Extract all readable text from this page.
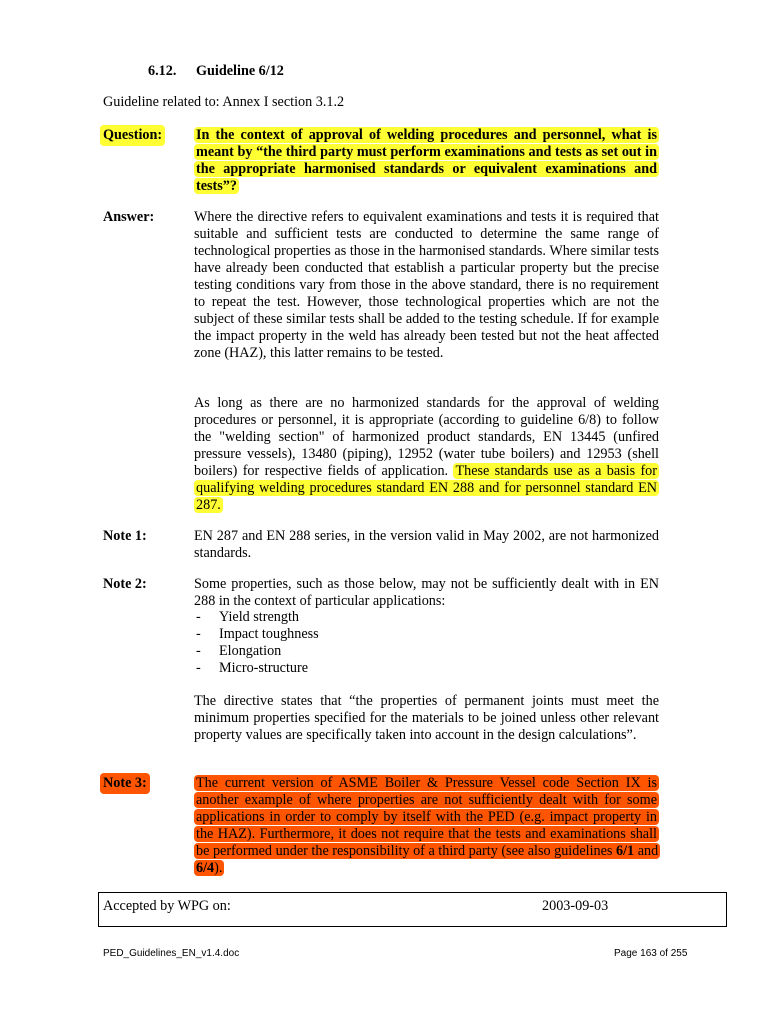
6.12. Guideline 6/12
Guideline related to: Annex I section 3.1.2
Question: In the context of approval of welding procedures and personnel, what is meant by “the third party must perform examinations and tests as set out in the appropriate harmonised standards or equivalent examinations and tests”?
Answer:	Where the directive refers to equivalent examinations and tests it is required that suitable and sufficient tests are conducted to determine the same range of technological properties as those in the harmonised standards. Where similar tests have already been conducted that establish a particular property but the precise testing conditions vary from those in the above standard, there is no requirement to repeat the test. However, those technological properties which are not the subject of these similar tests shall be added to the testing schedule. If for example the impact property in the weld has already been tested but not the heat affected zone (HAZ), this latter remains to be tested.
As long as there are no harmonized standards for the approval of welding procedures or personnel, it is appropriate (according to guideline 6/8) to follow the "welding section" of harmonized product standards, EN 13445 (unfired pressure vessels), 13480 (piping), 12952 (water tube boilers) and 12953 (shell boilers) for respective fields of application. These standards use as a basis for qualifying welding procedures standard EN 288 and for personnel standard EN 287.
Note 1:	EN 287 and EN 288 series, in the version valid in May 2002, are not harmonized standards.
Note 2:	Some properties, such as those below, may not be sufficiently dealt with in EN 288 in the context of particular applications:
- Yield strength
- Impact toughness
- Elongation
- Micro-structure
The directive states that “the properties of permanent joints must meet the minimum properties specified for the materials to be joined unless other relevant property values are specifically taken into account in the design calculations”.
Note 3:	The current version of ASME Boiler & Pressure Vessel code Section IX is another example of where properties are not sufficiently dealt with for some applications in order to comply by itself with the PED (e.g. impact property in the HAZ). Furthermore, it does not require that the tests and examinations shall be performed under the responsibility of a third party (see also guidelines 6/1 and 6/4).
Accepted by WPG on:	2003-09-03
PED_Guidelines_EN_v1.4.doc	Page 163 of 255
